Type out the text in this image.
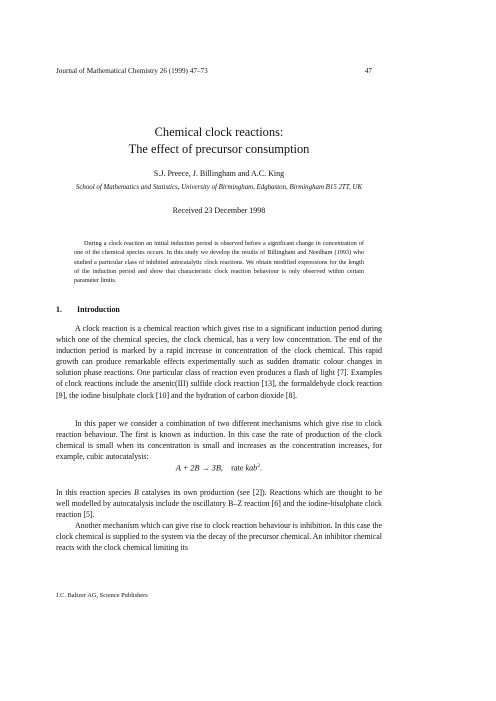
Journal of Mathematical Chemistry 26 (1999) 47–73	47
Chemical clock reactions:
The effect of precursor consumption
S.J. Preece, J. Billingham and A.C. King
School of Mathematics and Statistics, University of Birmingham, Edgbaston, Birmingham B15 2TT, UK
Received 23 December 1998
During a clock reaction an initial induction period is observed before a significant change in concentration of one of the chemical species occurs. In this study we develop the results of Billingham and Needham (1993) who studied a particular class of inhibited autocatalytic clock reactions. We obtain modified expressions for the length of the induction period and show that characteristic clock reaction behaviour is only observed within certain parameter limits.
1. Introduction
A clock reaction is a chemical reaction which gives rise to a significant induction period during which one of the chemical species, the clock chemical, has a very low concentration. The end of the induction period is marked by a rapid increase in concentration of the clock chemical. This rapid growth can produce remarkable effects experimentally such as sudden dramatic colour changes in solution phase reactions. One particular class of reaction even produces a flash of light [7]. Examples of clock reactions include the arsenic(III) sulfide clock reaction [13], the formaldehyde clock reaction [9], the iodine bisulphate clock [10] and the hydration of carbon dioxide [8].
In this paper we consider a combination of two different mechanisms which give rise to clock reaction behaviour. The first is known as induction. In this case the rate of production of the clock chemical is small when its concentration is small and increases as the concentration increases, for example, cubic autocatalysis:
A + 2B → 3B, rate kab$^2$.
In this reaction species B catalyses its own production (see [2]). Reactions which are thought to be well modelled by autocatalysis include the oscillatory B–Z reaction [6] and the iodine-bisulphate clock reaction [5].
Another mechanism which can give rise to clock reaction behaviour is inhibition. In this case the clock chemical is supplied to the system via the decay of the precursor chemical. An inhibitor chemical reacts with the clock chemical limiting its
J.C. Baltzer AG, Science Publishers
